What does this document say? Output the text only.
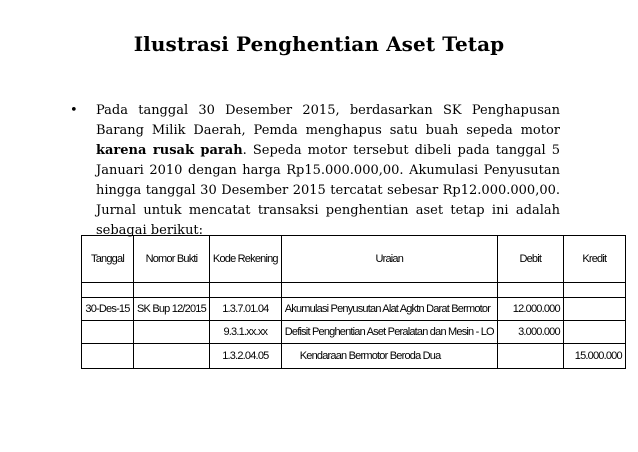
Ilustrasi Penghentian Aset Tetap
• Pada tanggal 30 Desember 2015, berdasarkan SK Penghapusan Barang Milik Daerah, Pemda menghapus satu buah sepeda motor karena rusak parah. Sepeda motor tersebut dibeli pada tanggal 5 Januari 2010 dengan harga Rp15.000.000,00. Akumulasi Penyusutan hingga tanggal 30 Desember 2015 tercatat sebesar Rp12.000.000,00. Jurnal untuk mencatat transaksi penghentian aset tetap ini adalah sebagai berikut:
Tanggal	Nomor Bukti	Kode Rekening	Uraian	Debit	Kredit

30-Des-15	SK Bup 12/2015	1.3.7.01.04	Akumulasi Penyusutan Alat Agktn Darat Bermotor	12.000.000	
		9.3.1.xx.xx	Defisit Penghentian Aset Peralatan dan Mesin - LO	3.000.000	
		1.3.2.04.05	Kendaraan Bermotor Beroda Dua		15.000.000
